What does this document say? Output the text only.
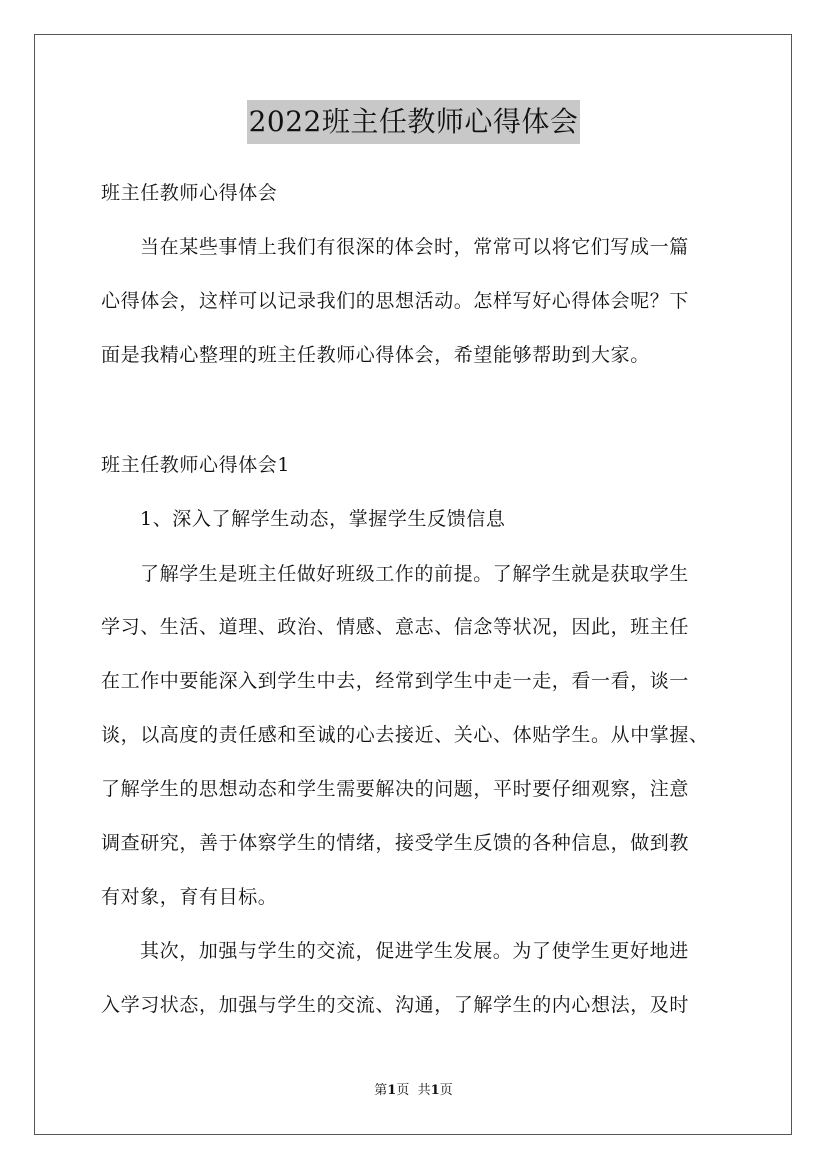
2022班主任教师心得体会
班主任教师心得体会
当在某些事情上我们有很深的体会时，常常可以将它们写成一篇
心得体会，这样可以记录我们的思想活动。怎样写好心得体会呢？下
面是我精心整理的班主任教师心得体会，希望能够帮助到大家。
班主任教师心得体会1
1、深入了解学生动态，掌握学生反馈信息
了解学生是班主任做好班级工作的前提。了解学生就是获取学生
学习、生活、道理、政治、情感、意志、信念等状况，因此，班主任
在工作中要能深入到学生中去，经常到学生中走一走，看一看，谈一
谈，以高度的责任感和至诚的心去接近、关心、体贴学生。从中掌握、
了解学生的思想动态和学生需要解决的问题，平时要仔细观察，注意
调查研究，善于体察学生的情绪，接受学生反馈的各种信息，做到教
有对象，育有目标。
其次，加强与学生的交流，促进学生发展。为了使学生更好地进
入学习状态，加强与学生的交流、沟通，了解学生的内心想法，及时
第1页 共1页
